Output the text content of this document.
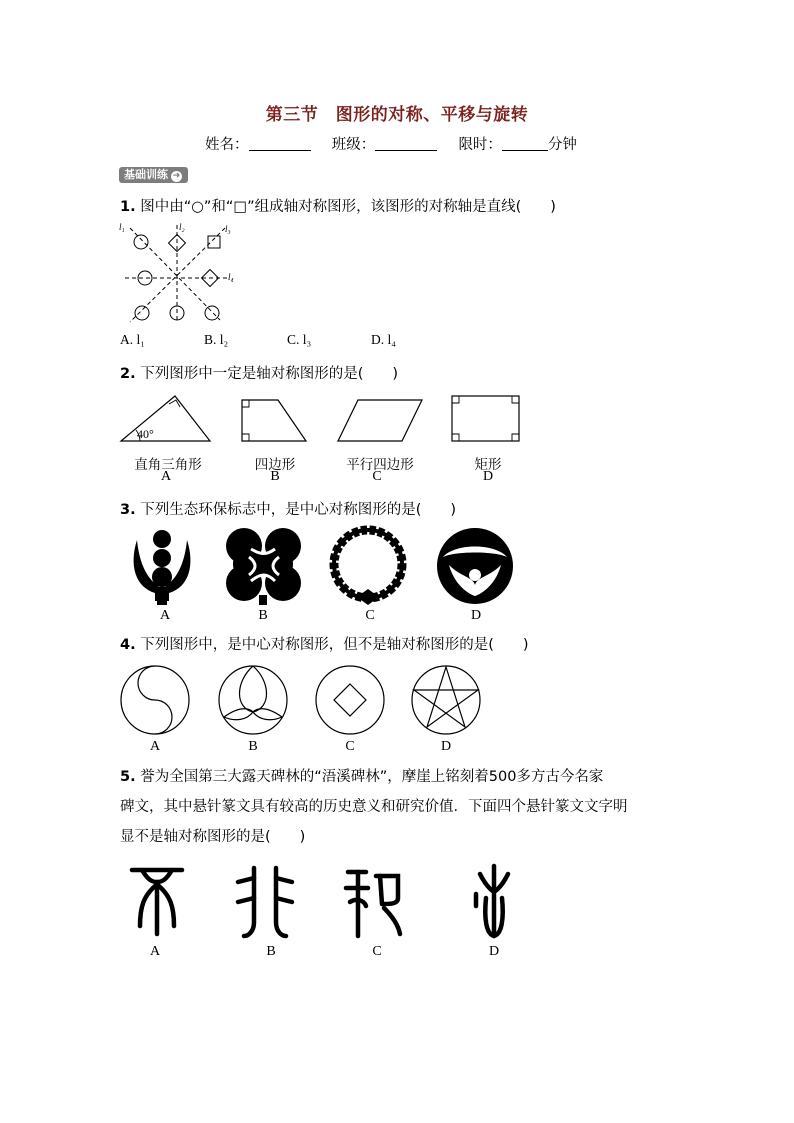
第三节　图形的对称、平移与旋转
姓名：	班级：	限时：	分钟
基础训练 ➜
1. 图中由“○”和“□”组成轴对称图形，该图形的对称轴是直线(　　)
l₁	l₂	l₃
l₄
A. l₁	B. l₂	C. l₃	D. l₄
2. 下列图形中一定是轴对称图形的是(　　)
40°
直角三角形	四边形	平行四边形	矩形
A	B	C	D
3. 下列生态环保标志中，是中心对称图形的是(　　)
A	B	C	D
4. 下列图形中，是中心对称图形，但不是轴对称图形的是(　　)
A	B	C	D
5. 誉为全国第三大露天碑林的“浯溪碑林”，摩崖上铭刻着500多方古今名家
碑文，其中悬针篆文具有较高的历史意义和研究价值．下面四个悬针篆文文字明
显不是轴对称图形的是(　　)
A	B	C	D
